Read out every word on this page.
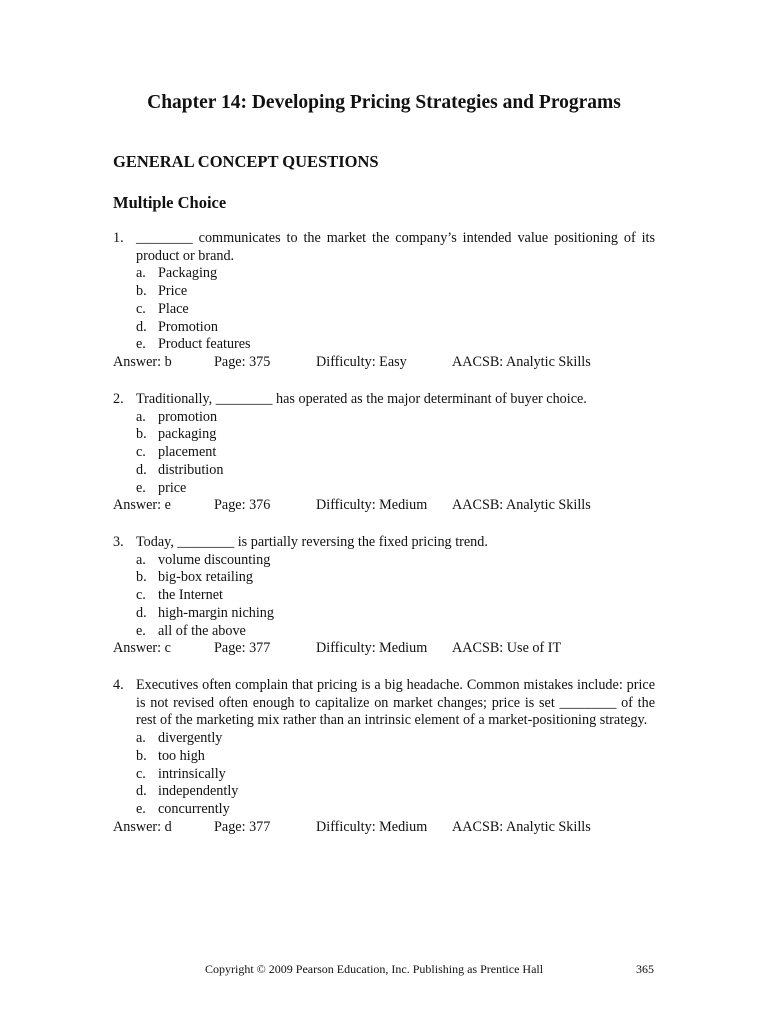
Chapter 14: Developing Pricing Strategies and Programs
GENERAL CONCEPT QUESTIONS
Multiple Choice
1. ________ communicates to the market the company’s intended value positioning of its product or brand.
a. Packaging
b. Price
c. Place
d. Promotion
e. Product features
Answer: b	Page: 375	Difficulty: Easy	AACSB: Analytic Skills
2. Traditionally, ________ has operated as the major determinant of buyer choice.
a. promotion
b. packaging
c. placement
d. distribution
e. price
Answer: e	Page: 376	Difficulty: Medium AACSB: Analytic Skills
3. Today, ________ is partially reversing the fixed pricing trend.
a. volume discounting
b. big-box retailing
c. the Internet
d. high-margin niching
e. all of the above
Answer: c	Page: 377	Difficulty: Medium AACSB: Use of IT
4. Executives often complain that pricing is a big headache. Common mistakes include: price is not revised often enough to capitalize on market changes; price is set ________ of the rest of the marketing mix rather than an intrinsic element of a market-positioning strategy.
a. divergently
b. too high
c. intrinsically
d. independently
e. concurrently
Answer: d	Page: 377	Difficulty: Medium AACSB: Analytic Skills
Copyright © 2009 Pearson Education, Inc. Publishing as Prentice Hall	365
